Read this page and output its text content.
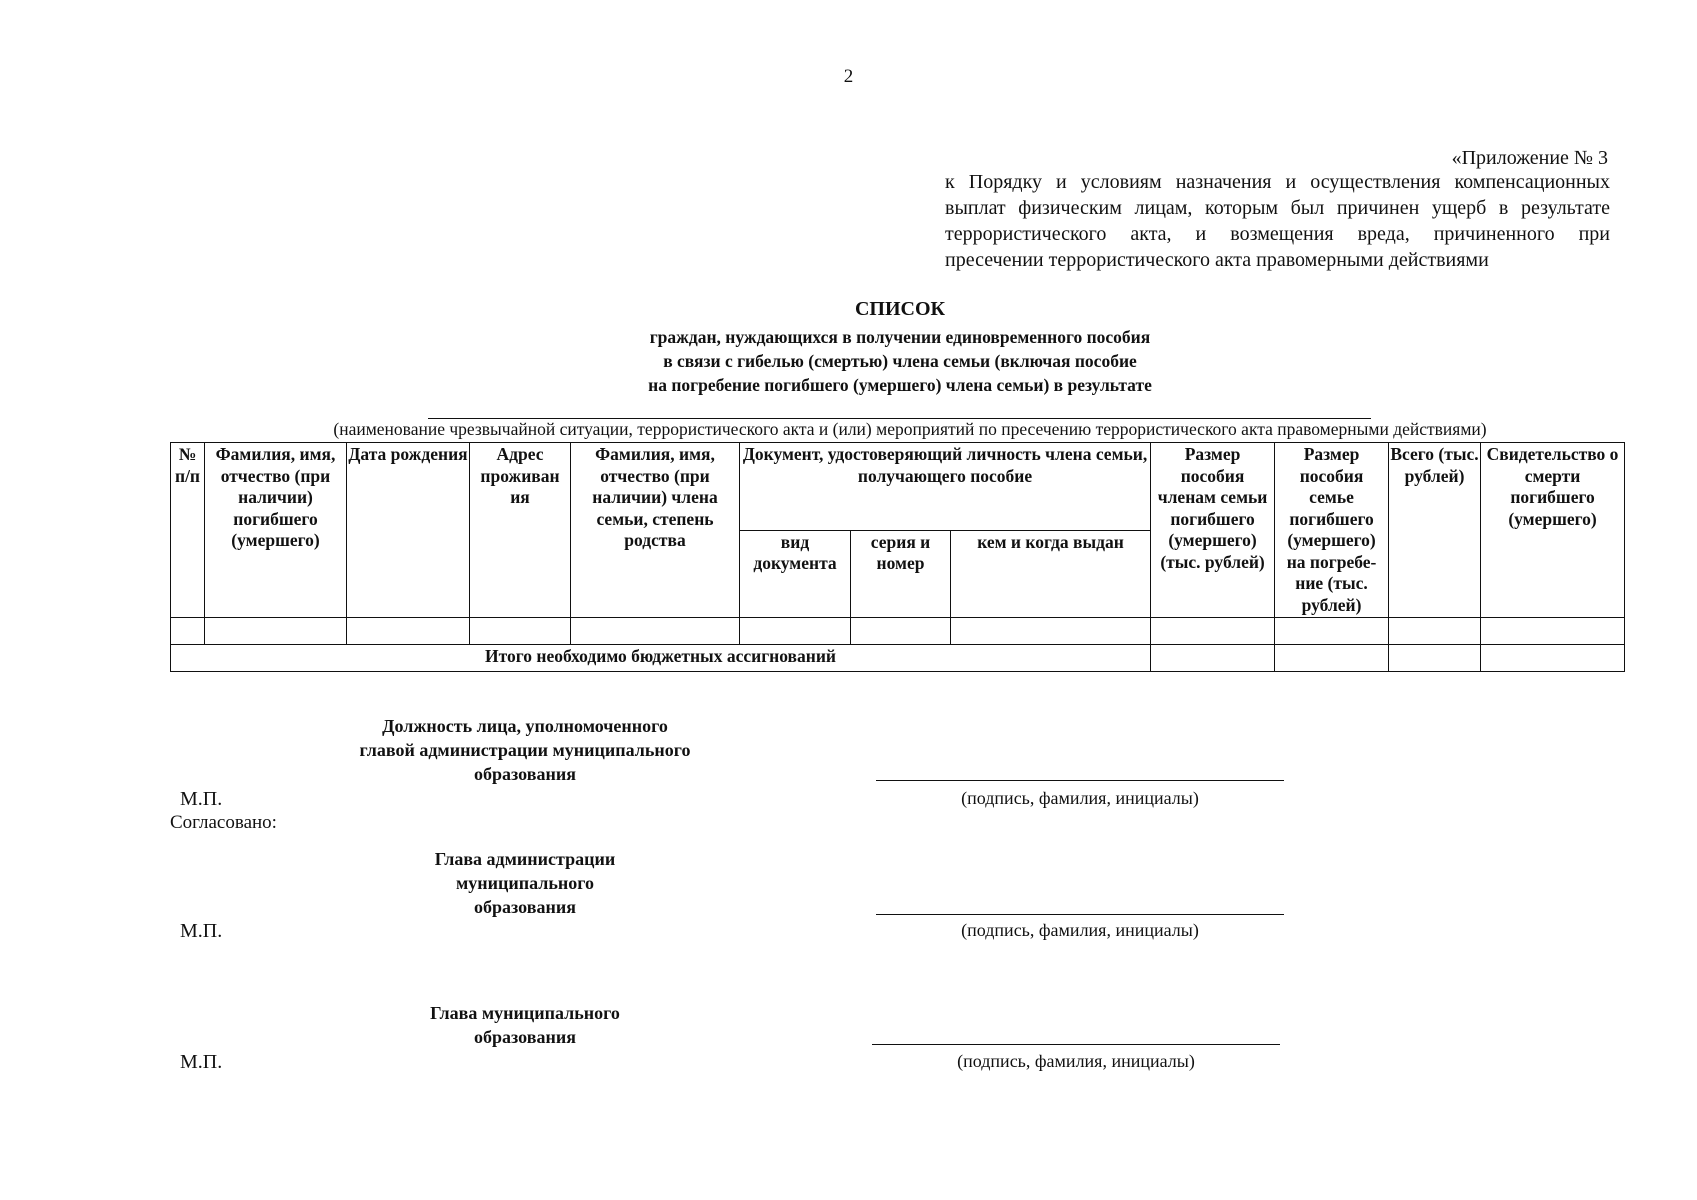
2
«Приложение № 3
к Порядку и условиям назначения и осуществления компенсационных
выплат физическим лицам, которым был причинен ущерб в результате
террористического акта, и возмещения вреда, причиненного при
пресечении террористического акта правомерными действиями
СПИСОК
граждан, нуждающихся в получении единовременного пособия
в связи с гибелью (смертью) члена семьи (включая пособие
на погребение погибшего (умершего) члена семьи) в результате
(наименование чрезвычайной ситуации, террористического акта и (или) мероприятий по пресечению террористического акта правомерными действиями)
№ п/п	Фамилия, имя, отчество (при наличии) погибшего (умершего)	Дата рождения	Адрес проживан ия	Фамилия, имя, отчество (при наличии) члена семьи, степень родства	Документ, удостоверяющий личность члена семьи, получающего пособие			Размер пособия членам семьи погибшего (умершего) (тыс. рублей)	Размер пособия семье погибшего (умершего) на погребе- ние (тыс. рублей)	Всего (тыс. рублей)	Свидетельство о смерти погибшего (умершего)
					вид документа	серия и номер	кем и когда выдан				

Итого необходимо бюджетных ассигнований											
Должность лица, уполномоченного
главой администрации муниципального
образования
М.П.	(подпись, фамилия, инициалы)
Согласовано:
Глава администрации
муниципального
образования
М.П.	(подпись, фамилия, инициалы)
Глава муниципального
образования
М.П.	(подпись, фамилия, инициалы)
